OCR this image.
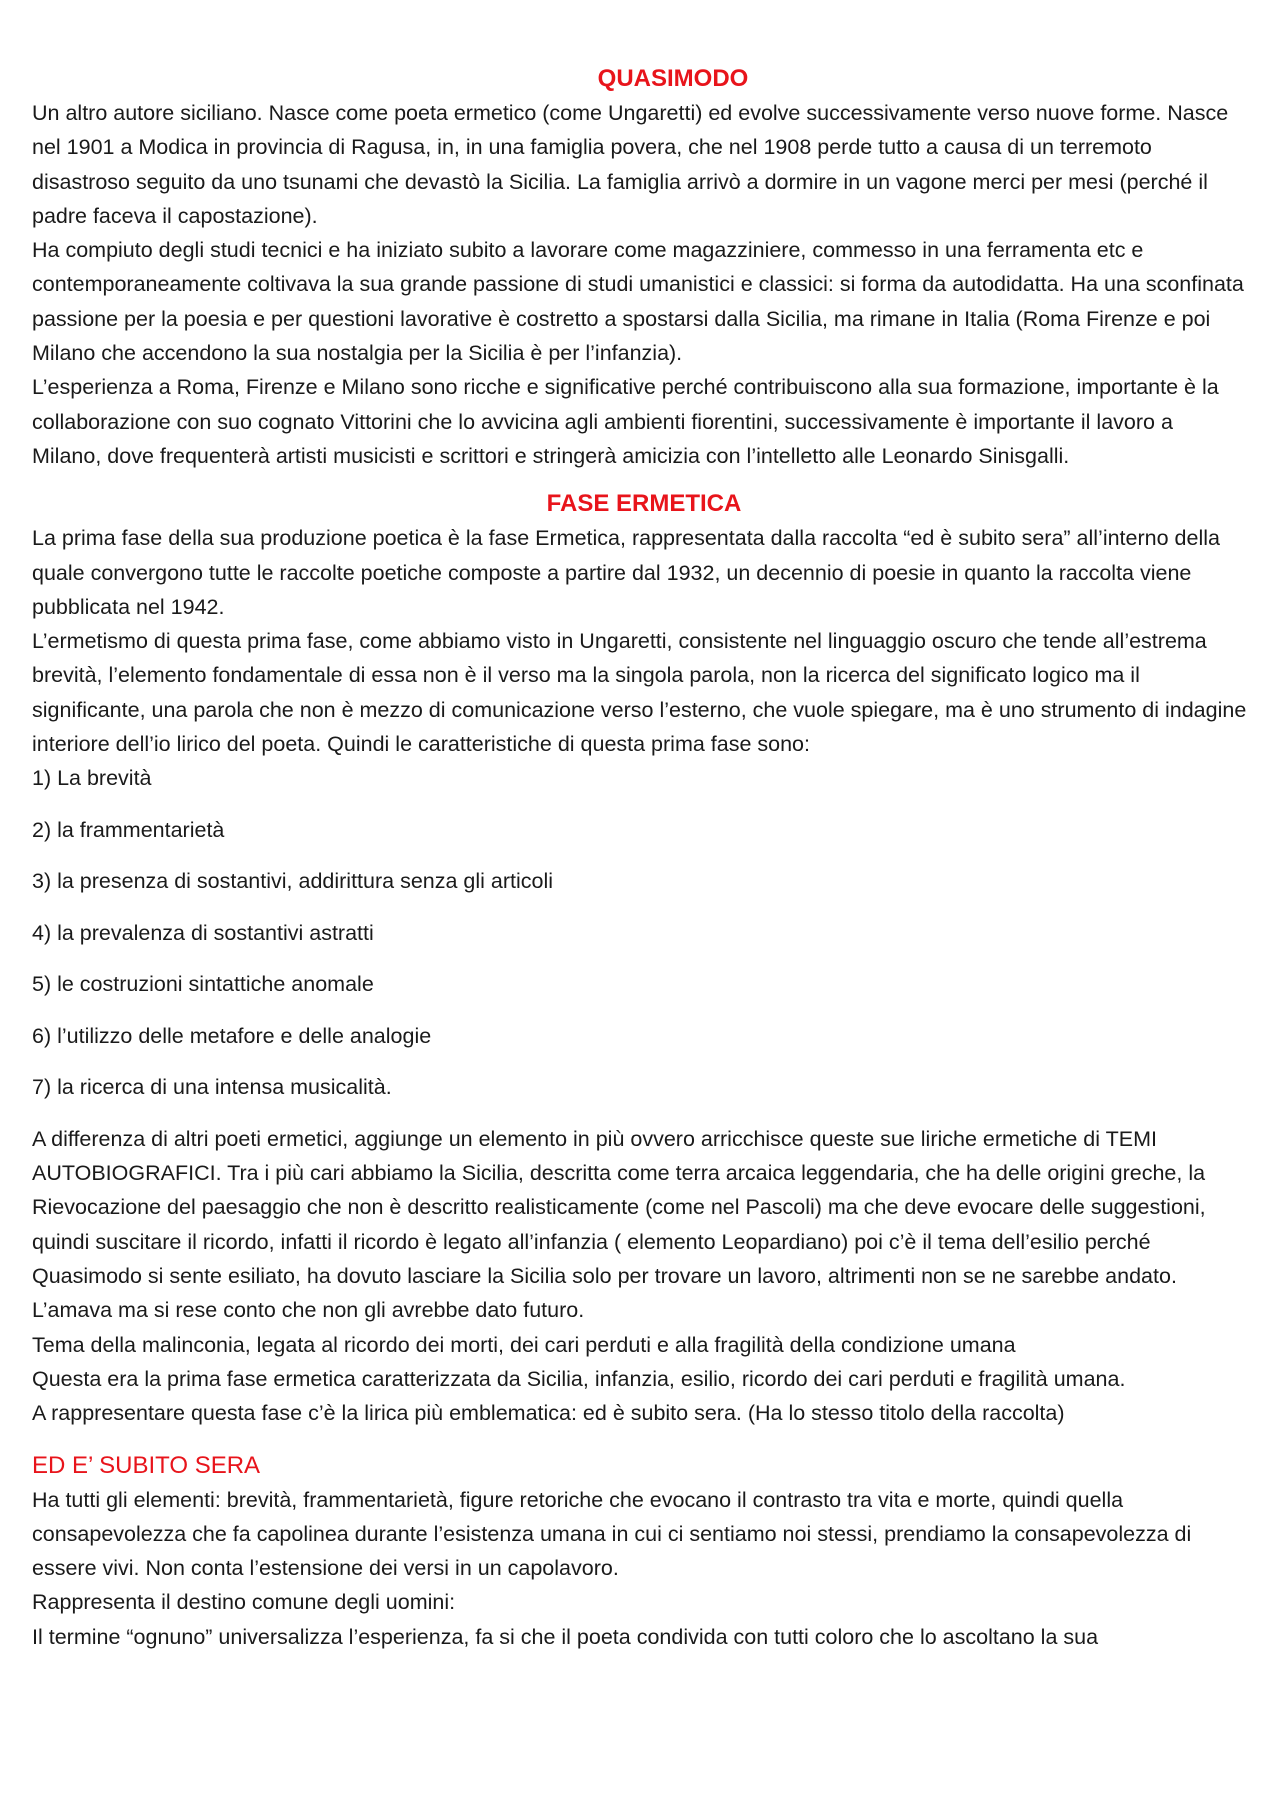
QUASIMODO

Un altro autore siciliano. Nasce come poeta ermetico (come Ungaretti) ed evolve successivamente verso nuove forme. Nasce nel 1901 a Modica in provincia di Ragusa, in, in una famiglia povera, che nel 1908 perde tutto a causa di un terremoto disastroso seguito da uno tsunami che devastò la Sicilia. La famiglia arrivò a dormire in un vagone merci per mesi (perché il padre faceva il capostazione).

Ha compiuto degli studi tecnici e ha iniziato subito a lavorare come magazziniere, commesso in una ferramenta etc e contemporaneamente coltivava la sua grande passione di studi umanistici e classici: si forma da autodidatta. Ha una sconfinata passione per la poesia e per questioni lavorative è costretto a spostarsi dalla Sicilia, ma rimane in Italia (Roma Firenze e poi Milano che accendono la sua nostalgia per la Sicilia è per l’infanzia).

L’esperienza a Roma, Firenze e Milano sono ricche e significative perché contribuiscono alla sua formazione, importante è la collaborazione con suo cognato Vittorini che lo avvicina agli ambienti fiorentini, successivamente è importante il lavoro a Milano, dove frequenterà artisti musicisti e scrittori e stringerà amicizia con l’intelletto alle Leonardo Sinisgalli.

FASE ERMETICA

La prima fase della sua produzione poetica è la fase Ermetica, rappresentata dalla raccolta “ed è subito sera” all’interno della quale convergono tutte le raccolte poetiche composte a partire dal 1932, un decennio di poesie in quanto la raccolta viene pubblicata nel 1942.

L’ermetismo di questa prima fase, come abbiamo visto in Ungaretti, consistente nel linguaggio oscuro che tende all’estrema brevità, l’elemento fondamentale di essa non è il verso ma la singola parola, non la ricerca del significato logico ma il significante, una parola che non è mezzo di comunicazione verso l’esterno, che vuole spiegare, ma è uno strumento di indagine interiore dell’io lirico del poeta. Quindi le caratteristiche di questa prima fase sono:

1) La brevità

2) la frammentarietà

3) la presenza di sostantivi, addirittura senza gli articoli

4) la prevalenza di sostantivi astratti

5) le costruzioni sintattiche anomale

6) l’utilizzo delle metafore e delle analogie

7) la ricerca di una intensa musicalità.

A differenza di altri poeti ermetici, aggiunge un elemento in più ovvero arricchisce queste sue liriche ermetiche di TEMI AUTOBIOGRAFICI. Tra i più cari abbiamo la Sicilia, descritta come terra arcaica leggendaria, che ha delle origini greche, la Rievocazione del paesaggio che non è descritto realisticamente (come nel Pascoli) ma che deve evocare delle suggestioni, quindi suscitare il ricordo, infatti il ricordo è legato all’infanzia ( elemento Leopardiano) poi c’è il tema dell’esilio perché Quasimodo si sente esiliato, ha dovuto lasciare la Sicilia solo per trovare un lavoro, altrimenti non se ne sarebbe andato. L’amava ma si rese conto che non gli avrebbe dato futuro.

Tema della malinconia, legata al ricordo dei morti, dei cari perduti e alla fragilità della condizione umana

Questa era la prima fase ermetica caratterizzata da Sicilia, infanzia, esilio, ricordo dei cari perduti e fragilità umana.

A rappresentare questa fase c’è la lirica più emblematica: ed è subito sera. (Ha lo stesso titolo della raccolta)

ED E’ SUBITO SERA

Ha tutti gli elementi: brevità, frammentarietà, figure retoriche che evocano il contrasto tra vita e morte, quindi quella consapevolezza che fa capolinea durante l’esistenza umana in cui ci sentiamo noi stessi, prendiamo la consapevolezza di essere vivi. Non conta l’estensione dei versi in un capolavoro.

Rappresenta il destino comune degli uomini:

Il termine “ognuno” universalizza l’esperienza, fa si che il poeta condivida con tutti coloro che lo ascoltano la sua
